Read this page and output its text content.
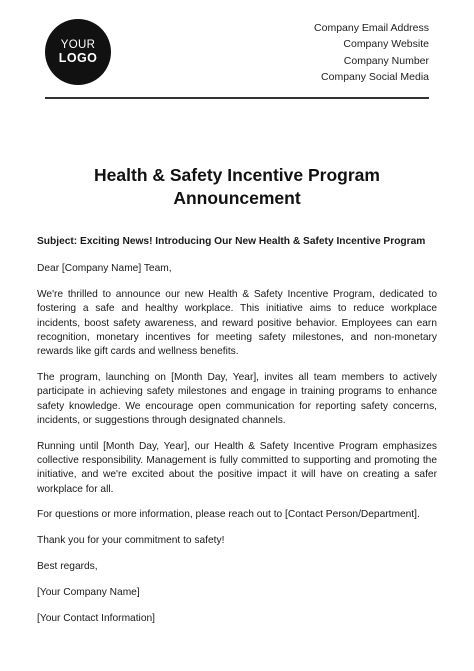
YOUR
LOGO
Company Email Address
Company Website
Company Number
Company Social Media
Health & Safety Incentive Program
Announcement

Subject: Exciting News! Introducing Our New Health & Safety Incentive Program

Dear [Company Name] Team,

We're thrilled to announce our new Health & Safety Incentive Program, dedicated to fostering a safe and healthy workplace. This initiative aims to reduce workplace incidents, boost safety awareness, and reward positive behavior. Employees can earn recognition, monetary incentives for meeting safety milestones, and non-monetary rewards like gift cards and wellness benefits.

The program, launching on [Month Day, Year], invites all team members to actively participate in achieving safety milestones and engage in training programs to enhance safety knowledge. We encourage open communication for reporting safety concerns, incidents, or suggestions through designated channels.

Running until [Month Day, Year], our Health & Safety Incentive Program emphasizes collective responsibility. Management is fully committed to supporting and promoting the initiative, and we're excited about the positive impact it will have on creating a safer workplace for all.

For questions or more information, please reach out to [Contact Person/Department].

Thank you for your commitment to safety!

Best regards,

[Your Company Name]

[Your Contact Information]
